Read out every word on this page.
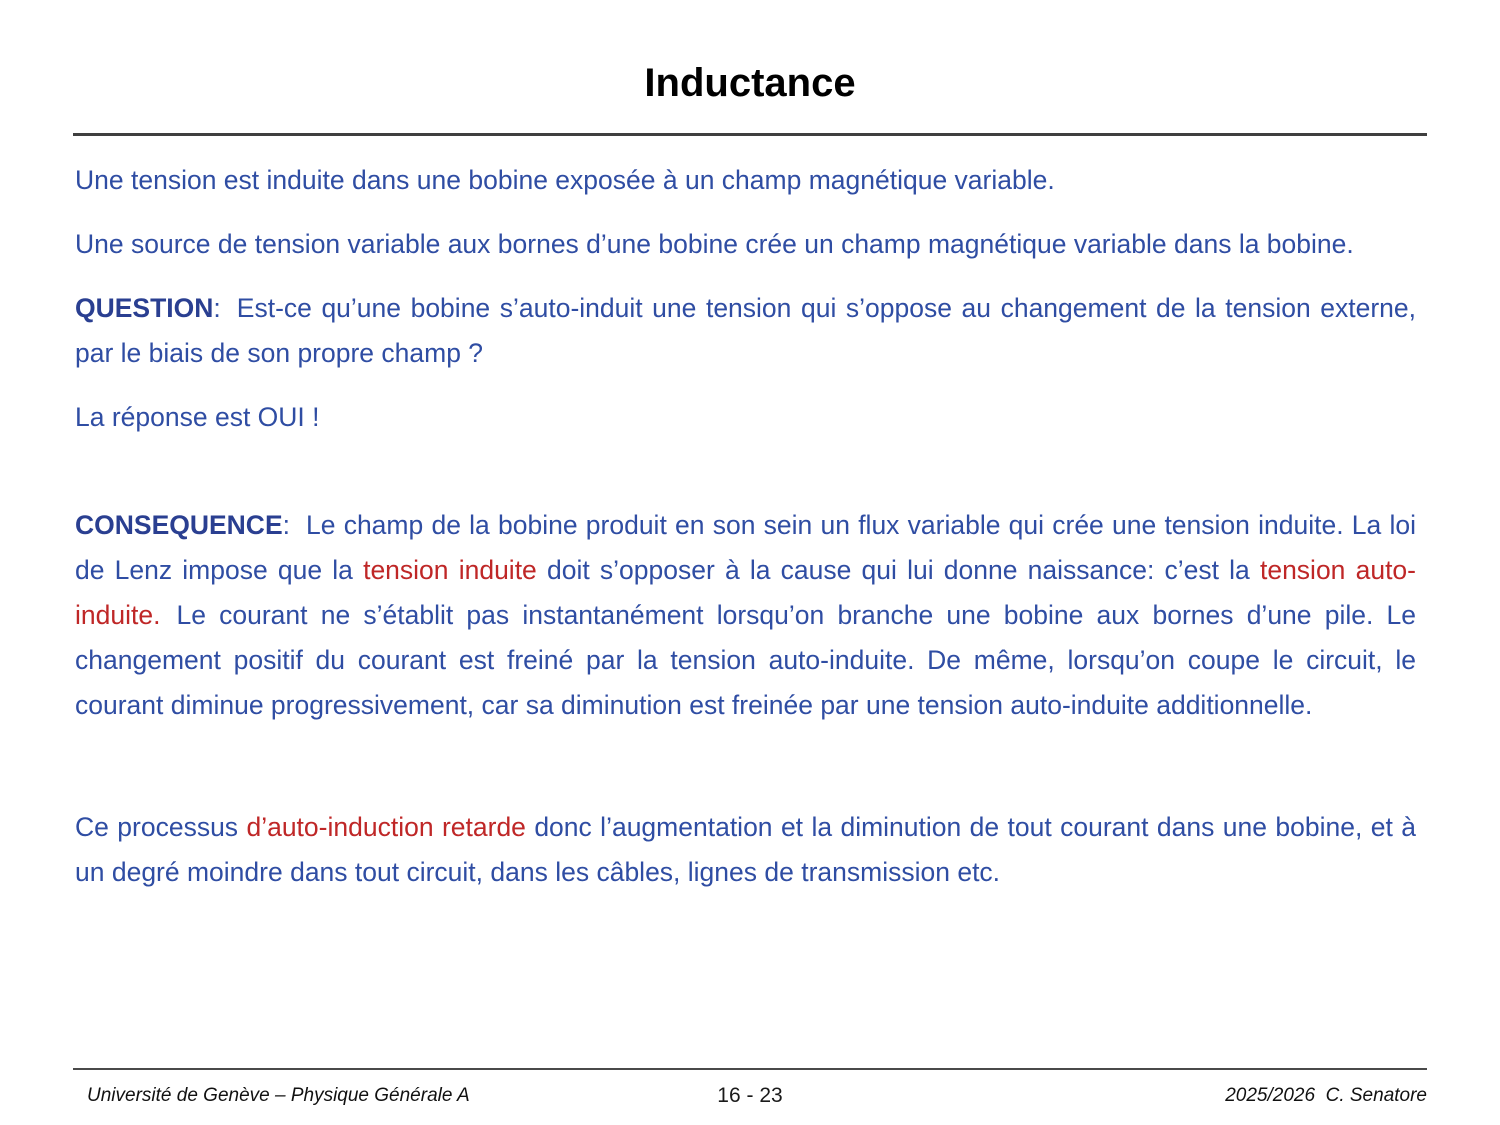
Inductance

Une tension est induite dans une bobine exposée à un champ magnétique variable.

Une source de tension variable aux bornes d’une bobine crée un champ magnétique variable dans la bobine.

QUESTION: Est-ce qu’une bobine s’auto-induit une tension qui s’oppose au changement de la tension externe, par le biais de son propre champ ?

La réponse est OUI !

CONSEQUENCE: Le champ de la bobine produit en son sein un flux variable qui crée une tension induite. La loi de Lenz impose que la tension induite doit s’opposer à la cause qui lui donne naissance: c’est la tension auto-induite. Le courant ne s’établit pas instantanément lorsqu’on branche une bobine aux bornes d’une pile. Le changement positif du courant est freiné par la tension auto-induite. De même, lorsqu’on coupe le circuit, le courant diminue progressivement, car sa diminution est freinée par une tension auto-induite additionnelle.

Ce processus d’auto-induction retarde donc l’augmentation et la diminution de tout courant dans une bobine, et à un degré moindre dans tout circuit, dans les câbles, lignes de transmission etc.

Université de Genève – Physique Générale A	16 - 23	2025/2026  C. Senatore
